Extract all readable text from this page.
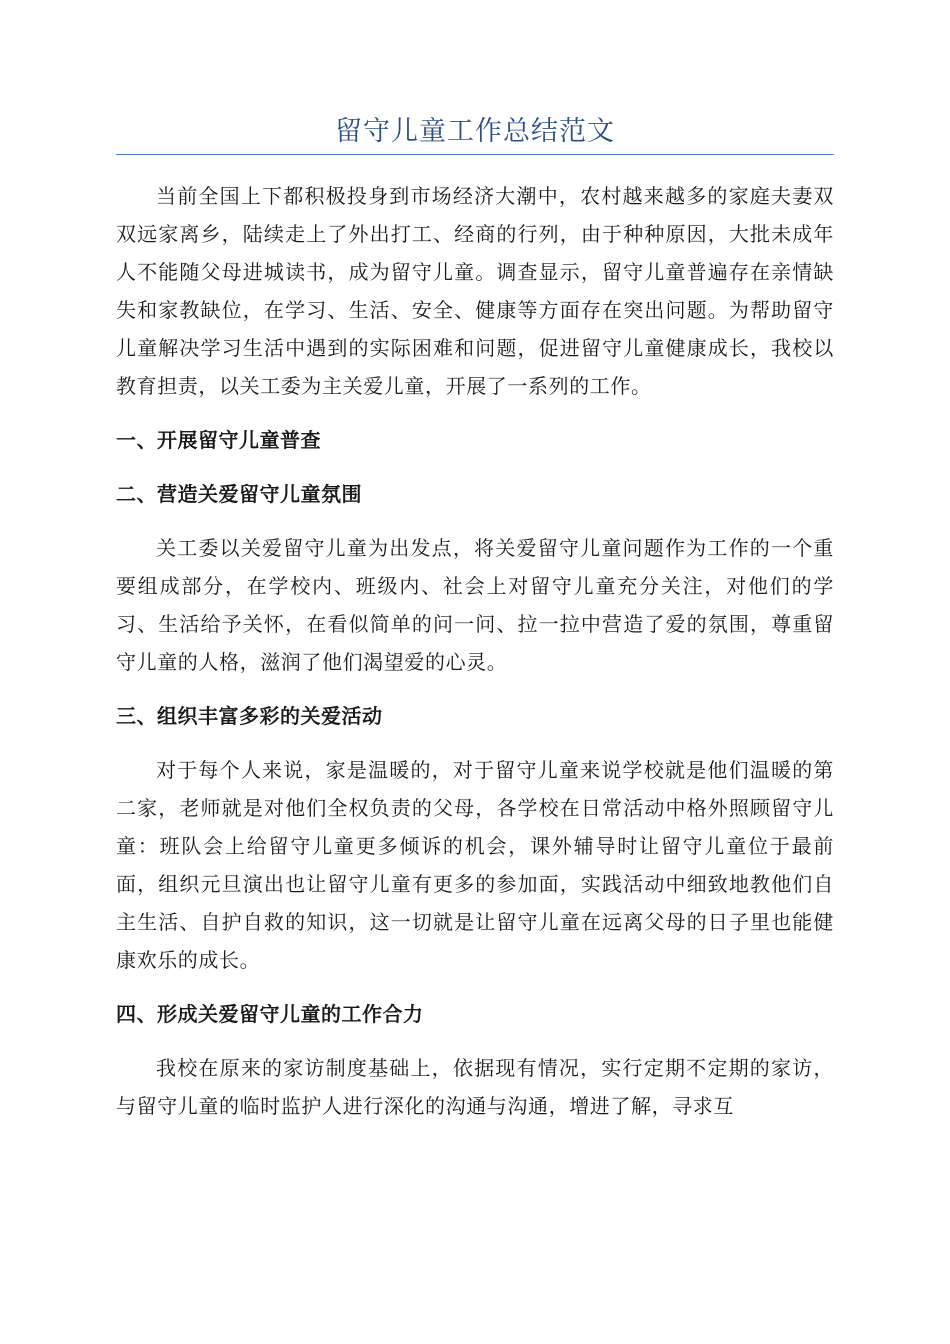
留守儿童工作总结范文

当前全国上下都积极投身到市场经济大潮中，农村越来越多的家庭夫妻双双远家离乡，陆续走上了外出打工、经商的行列，由于种种原因，大批未成年人不能随父母进城读书，成为留守儿童。调查显示，留守儿童普遍存在亲情缺失和家教缺位，在学习、生活、安全、健康等方面存在突出问题。为帮助留守儿童解决学习生活中遇到的实际困难和问题，促进留守儿童健康成长，我校以教育担责，以关工委为主关爱儿童，开展了一系列的工作。

一、开展留守儿童普查

二、营造关爱留守儿童氛围

关工委以关爱留守儿童为出发点，将关爱留守儿童问题作为工作的一个重要组成部分，在学校内、班级内、社会上对留守儿童充分关注，对他们的学习、生活给予关怀，在看似简单的问一问、拉一拉中营造了爱的氛围，尊重留守儿童的人格，滋润了他们渴望爱的心灵。

三、组织丰富多彩的关爱活动

对于每个人来说，家是温暖的，对于留守儿童来说学校就是他们温暖的第二家，老师就是对他们全权负责的父母，各学校在日常活动中格外照顾留守儿童：班队会上给留守儿童更多倾诉的机会，课外辅导时让留守儿童位于最前面，组织元旦演出也让留守儿童有更多的参加面，实践活动中细致地教他们自主生活、自护自救的知识，这一切就是让留守儿童在远离父母的日子里也能健康欢乐的成长。

四、形成关爱留守儿童的工作合力

我校在原来的家访制度基础上，依据现有情况，实行定期不定期的家访，与留守儿童的临时监护人进行深化的沟通与沟通，增进了解，寻求互
